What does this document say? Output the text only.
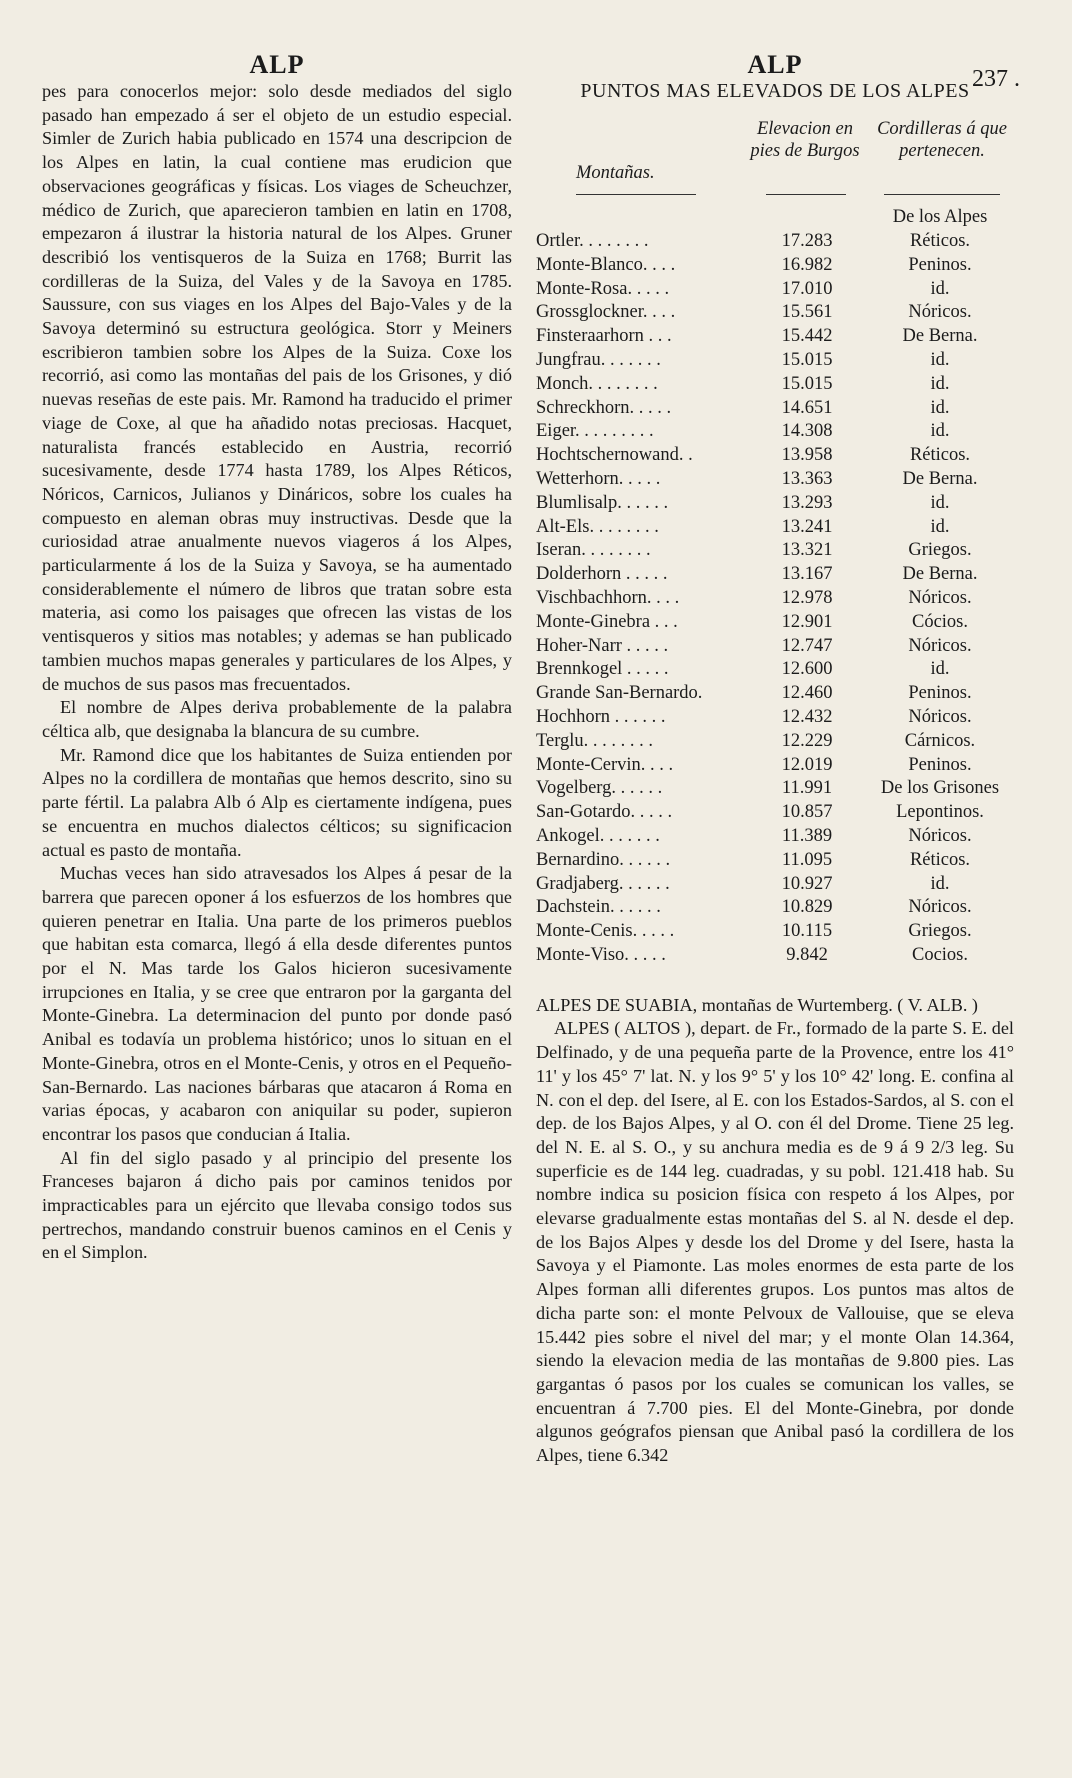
ALP

pes para conocerlos mejor: solo desde mediados del siglo pasado han empezado á ser el objeto de un estudio especial. Simler de Zurich habia publicado en 1574 una descripcion de los Alpes en latin, la cual contiene mas erudicion que observaciones geográficas y físicas. Los viages de Scheuchzer, médico de Zurich, que aparecieron tambien en latin en 1708, empezaron á ilustrar la historia natural de los Alpes. Gruner describió los ventisqueros de la Suiza en 1768; Burrit las cordilleras de la Suiza, del Vales y de la Savoya en 1785. Saussure, con sus viages en los Alpes del Bajo-Vales y de la Savoya determinó su estructura geológica. Storr y Meiners escribieron tambien sobre los Alpes de la Suiza. Coxe los recorrió, asi como las montañas del pais de los Grisones, y dió nuevas reseñas de este pais. Mr. Ramond ha traducido el primer viage de Coxe, al que ha añadido notas preciosas. Hacquet, naturalista francés establecido en Austria, recorrió sucesivamente, desde 1774 hasta 1789, los Alpes Réticos, Nóricos, Carnicos, Julianos y Dináricos, sobre los cuales ha compuesto en aleman obras muy instructivas. Desde que la curiosidad atrae anualmente nuevos viageros á los Alpes, particularmente á los de la Suiza y Savoya, se ha aumentado considerablemente el número de libros que tratan sobre esta materia, asi como los paisages que ofrecen las vistas de los ventisqueros y sitios mas notables; y ademas se han publicado tambien muchos mapas generales y particulares de los Alpes, y de muchos de sus pasos mas frecuentados.

El nombre de Alpes deriva probablemente de la palabra céltica alb, que designaba la blancura de su cumbre.

Mr. Ramond dice que los habitantes de Suiza entienden por Alpes no la cordillera de montañas que hemos descrito, sino su parte fértil. La palabra Alb ó Alp es ciertamente indígena, pues se encuentra en muchos dialectos célticos; su significacion actual es pasto de montaña.

Muchas veces han sido atravesados los Alpes á pesar de la barrera que parecen oponer á los esfuerzos de los hombres que quieren penetrar en Italia. Una parte de los primeros pueblos que habitan esta comarca, llegó á ella desde diferentes puntos por el N. Mas tarde los Galos hicieron sucesivamente irrupciones en Italia, y se cree que entraron por la garganta del Monte-Ginebra. La determinacion del punto por donde pasó Anibal es todavía un problema histórico; unos lo situan en el Monte-Ginebra, otros en el Monte-Cenis, y otros en el Pequeño-San-Bernardo. Las naciones bárbaras que atacaron á Roma en varias épocas, y acabaron con aniquilar su poder, supieron encontrar los pasos que conducian á Italia.

Al fin del siglo pasado y al principio del presente los Franceses bajaron á dicho pais por caminos tenidos por impracticables para un ejército que llevaba consigo todos sus pertrechos, mandando construir buenos caminos en el Cenis y en el Simplon.

237 .
ALP
PUNTOS MAS ELEVADOS DE LOS ALPES
Montañas.
Elevacion en pies de Burgos
Cordilleras á que pertenecen.
		De los Alpes
Ortler. . . . . . . .	17.283	Réticos.
Monte-Blanco. . . .	16.982	Peninos.
Monte-Rosa. . . . .	17.010	id.
Grossglockner. . . .	15.561	Nóricos.
Finsteraarhorn . . .	15.442	De Berna.
Jungfrau. . . . . . .	15.015	id.
Monch. . . . . . . .	15.015	id.
Schreckhorn. . . . .	14.651	id.
Eiger. . . . . . . . .	14.308	id.
Hochtschernowand. .	13.958	Réticos.
Wetterhorn. . . . .	13.363	De Berna.
Blumlisalp. . . . . .	13.293	id.
Alt-Els. . . . . . . .	13.241	id.
Iseran. . . . . . . .	13.321	Griegos.
Dolderhorn . . . . .	13.167	De Berna.
Vischbachhorn. . . .	12.978	Nóricos.
Monte-Ginebra . . .	12.901	Cócios.
Hoher-Narr . . . . .	12.747	Nóricos.
Brennkogel . . . . .	12.600	id.
Grande San-Bernardo.	12.460	Peninos.
Hochhorn . . . . . .	12.432	Nóricos.
Terglu. . . . . . . .	12.229	Cárnicos.
Monte-Cervin. . . .	12.019	Peninos.
Vogelberg. . . . . .	11.991	De los Grisones
San-Gotardo. . . . .	10.857	Lepontinos.
Ankogel. . . . . . .	11.389	Nóricos.
Bernardino. . . . . .	11.095	Réticos.
Gradjaberg. . . . . .	10.927	id.
Dachstein. . . . . .	10.829	Nóricos.
Monte-Cenis. . . . .	10.115	Griegos.
Monte-Viso. . . . .	9.842	Cocios.

ALPES DE SUABIA, montañas de Wurtemberg. ( V. ALB. )

ALPES ( ALTOS ), depart. de Fr., formado de la parte S. E. del Delfinado, y de una pequeña parte de la Provence, entre los 41° 11' y los 45° 7' lat. N. y los 9° 5' y los 10° 42' long. E. confina al N. con el dep. del Isere, al E. con los Estados-Sardos, al S. con el dep. de los Bajos Alpes, y al O. con él del Drome. Tiene 25 leg. del N. E. al S. O., y su anchura media es de 9 á 9 2/3 leg. Su superficie es de 144 leg. cuadradas, y su pobl. 121.418 hab. Su nombre indica su posicion física con respeto á los Alpes, por elevarse gradualmente estas montañas del S. al N. desde el dep. de los Bajos Alpes y desde los del Drome y del Isere, hasta la Savoya y el Piamonte. Las moles enormes de esta parte de los Alpes forman alli diferentes grupos. Los puntos mas altos de dicha parte son: el monte Pelvoux de Vallouise, que se eleva 15.442 pies sobre el nivel del mar; y el monte Olan 14.364, siendo la elevacion media de las montañas de 9.800 pies. Las gargantas ó pasos por los cuales se comunican los valles, se encuentran á 7.700 pies. El del Monte-Ginebra, por donde algunos geógrafos piensan que Anibal pasó la cordillera de los Alpes, tiene 6.342
